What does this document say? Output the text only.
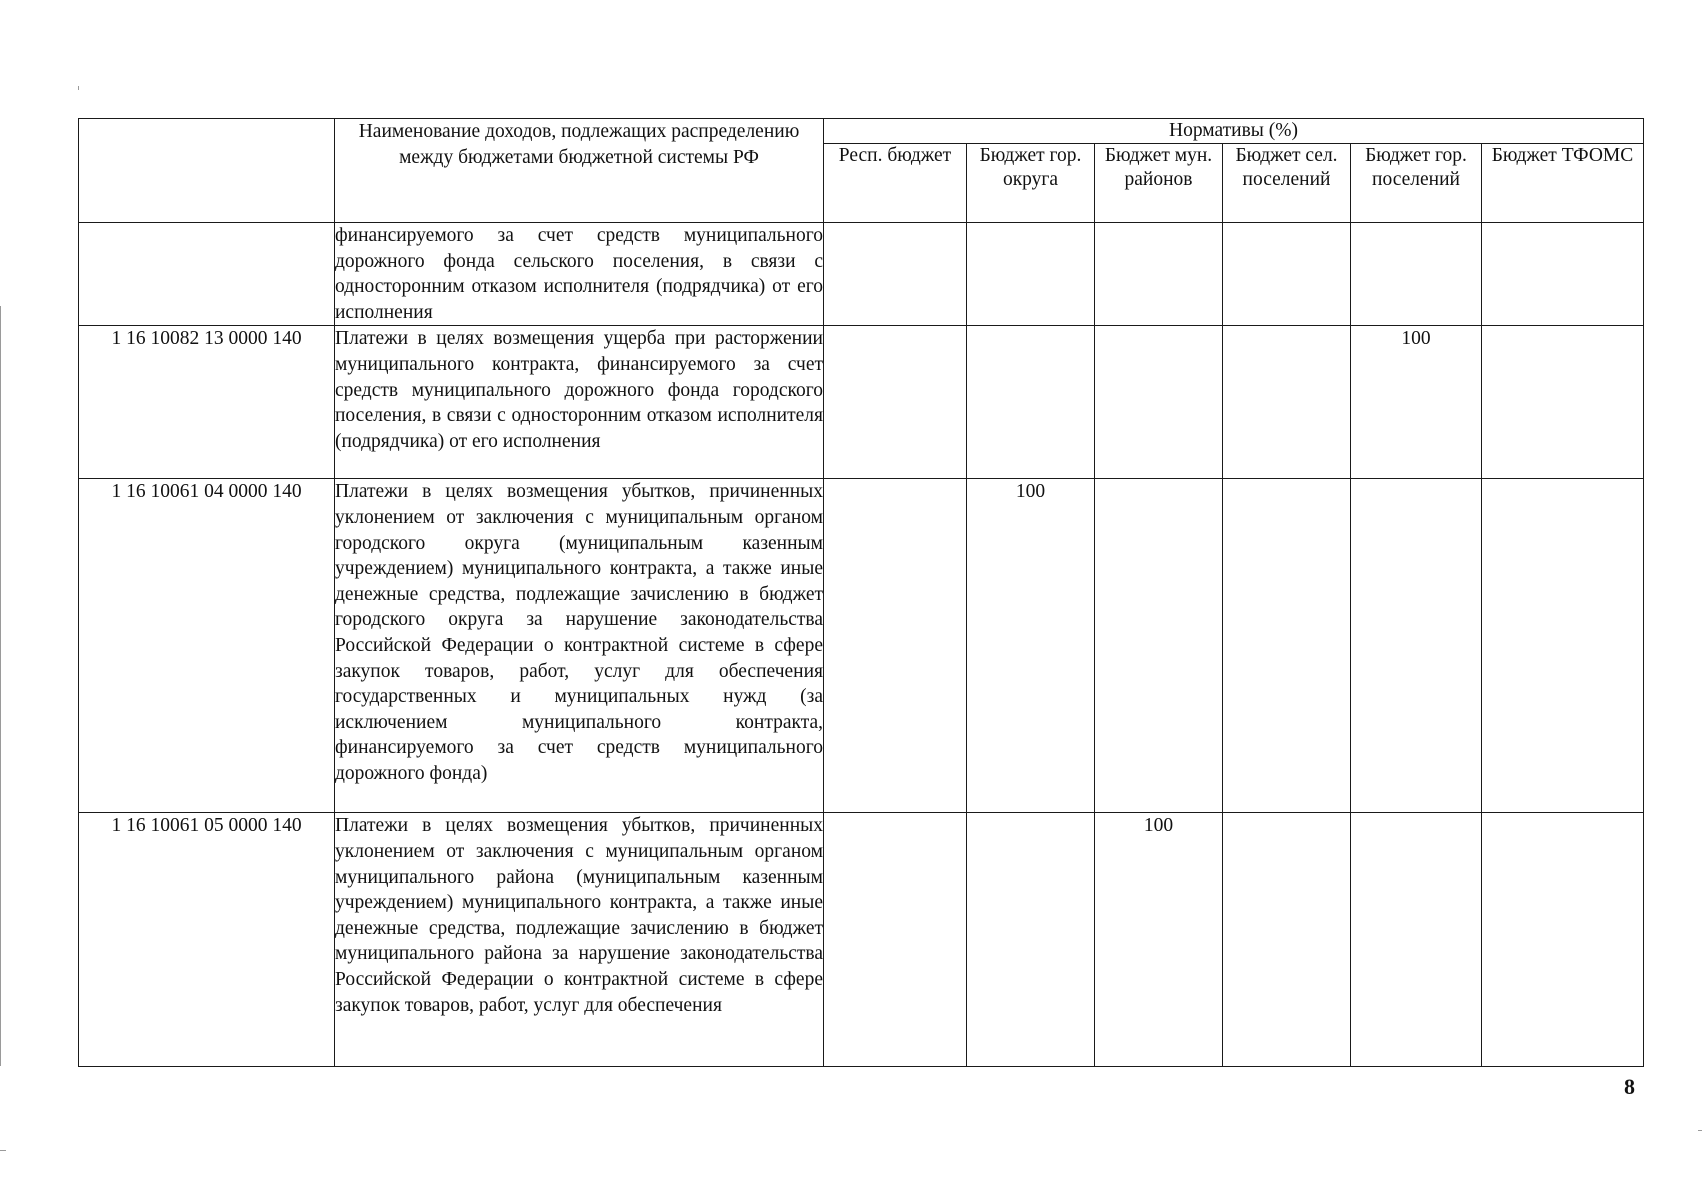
	Наименование доходов, подлежащих распределению между бюджетами бюджетной системы РФ	Нормативы (%)					
		Респ. бюджет	Бюджет гор. округа	Бюджет мун. районов	Бюджет сел. поселений	Бюджет гор. поселений	Бюджет ТФОМС
	финансируемого за счет средств муниципального дорожного фонда сельского поселения, в связи с односторонним отказом исполнителя (подрядчика) от его исполнения						
1 16 10082 13 0000 140	Платежи в целях возмещения ущерба при расторжении муниципального контракта, финансируемого за счет средств муниципального дорожного фонда городского поселения, в связи с односторонним отказом исполнителя (подрядчика) от его исполнения					100	
1 16 10061 04 0000 140	Платежи в целях возмещения убытков, причиненных уклонением от заключения с муниципальным органом городского округа (муниципальным казенным учреждением) муниципального контракта, а также иные денежные средства, подлежащие зачислению в бюджет городского округа за нарушение законодательства Российской Федерации о контрактной системе в сфере закупок товаров, работ, услуг для обеспечения государственных и муниципальных нужд (за исключением муниципального контракта, финансируемого за счет средств муниципального дорожного фонда)		100				
1 16 10061 05 0000 140	Платежи в целях возмещения убытков, причиненных уклонением от заключения с муниципальным органом муниципального района (муниципальным казенным учреждением) муниципального контракта, а также иные денежные средства, подлежащие зачислению в бюджет муниципального района за нарушение законодательства Российской Федерации о контрактной системе в сфере закупок товаров, работ, услуг для обеспечения			100			
8
